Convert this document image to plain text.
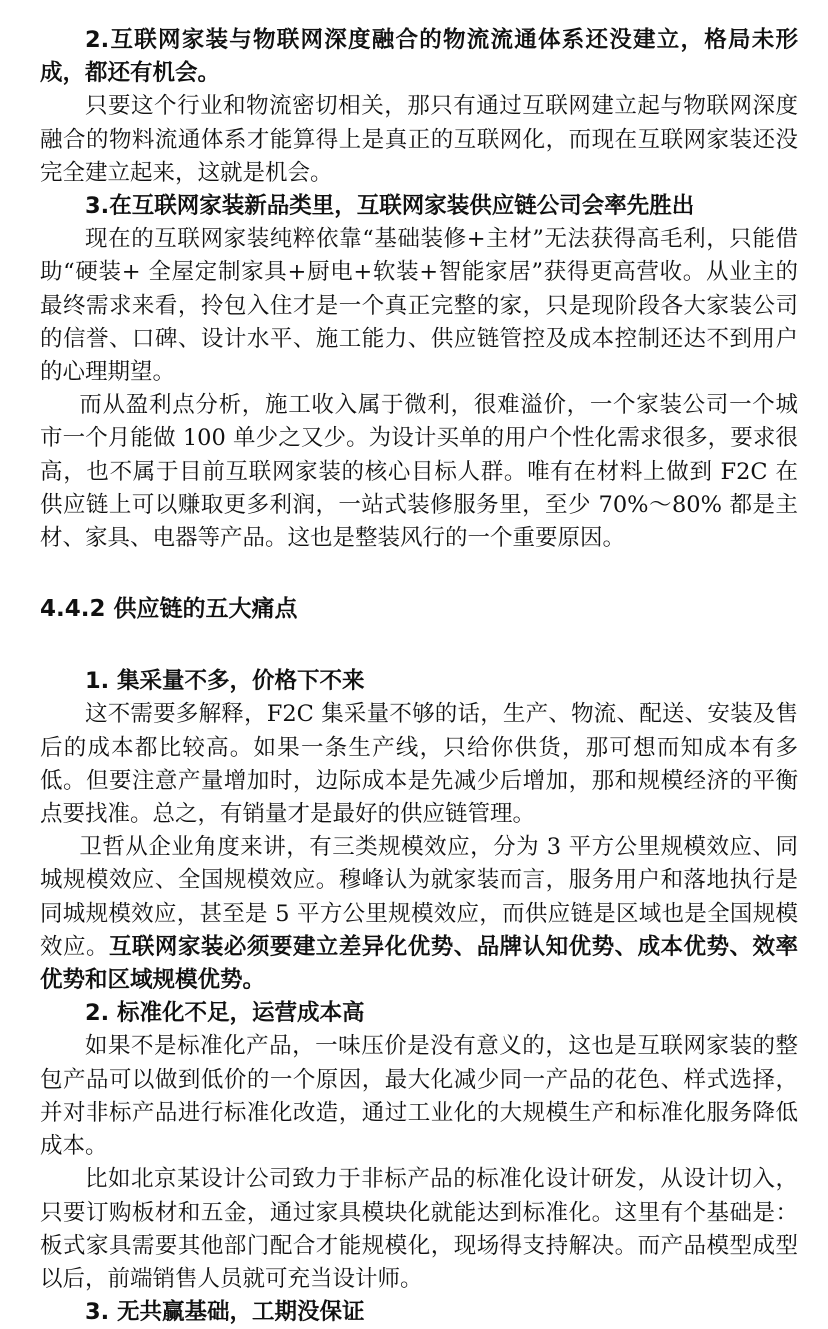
2.互联网家装与物联网深度融合的物流流通体系还没建立，格局未形成，都还有机会。

只要这个行业和物流密切相关，那只有通过互联网建立起与物联网深度融合的物料流通体系才能算得上是真正的互联网化，而现在互联网家装还没完全建立起来，这就是机会。

3.在互联网家装新品类里，互联网家装供应链公司会率先胜出

现在的互联网家装纯粹依靠“基础装修+主材”无法获得高毛利，只能借助“硬装+ 全屋定制家具+厨电+软装+智能家居”获得更高营收。从业主的最终需求来看，拎包入住才是一个真正完整的家，只是现阶段各大家装公司的信誉、口碑、设计水平、施工能力、供应链管控及成本控制还达不到用户的心理期望。

而从盈利点分析，施工收入属于微利，很难溢价，一个家装公司一个城市一个月能做 100 单少之又少。为设计买单的用户个性化需求很多，要求很高，也不属于目前互联网家装的核心目标人群。唯有在材料上做到 F2C 在供应链上可以赚取更多利润，一站式装修服务里，至少 70%～80% 都是主材、家具、电器等产品。这也是整装风行的一个重要原因。

4.4.2 供应链的五大痛点

1. 集采量不多，价格下不来

这不需要多解释，F2C 集采量不够的话，生产、物流、配送、安装及售后的成本都比较高。如果一条生产线，只给你供货，那可想而知成本有多低。但要注意产量增加时，边际成本是先减少后增加，那和规模经济的平衡点要找准。总之，有销量才是最好的供应链管理。

卫哲从企业角度来讲，有三类规模效应，分为 3 平方公里规模效应、同城规模效应、全国规模效应。穆峰认为就家装而言，服务用户和落地执行是同城规模效应，甚至是 5 平方公里规模效应，而供应链是区域也是全国规模效应。互联网家装必须要建立差异化优势、品牌认知优势、成本优势、效率优势和区域规模优势。

2. 标准化不足，运营成本高

如果不是标准化产品，一味压价是没有意义的，这也是互联网家装的整包产品可以做到低价的一个原因，最大化减少同一产品的花色、样式选择，并对非标产品进行标准化改造，通过工业化的大规模生产和标准化服务降低成本。

比如北京某设计公司致力于非标产品的标准化设计研发，从设计切入，只要订购板材和五金，通过家具模块化就能达到标准化。这里有个基础是：板式家具需要其他部门配合才能规模化，现场得支持解决。而产品模型成型以后，前端销售人员就可充当设计师。

3. 无共赢基础，工期没保证
